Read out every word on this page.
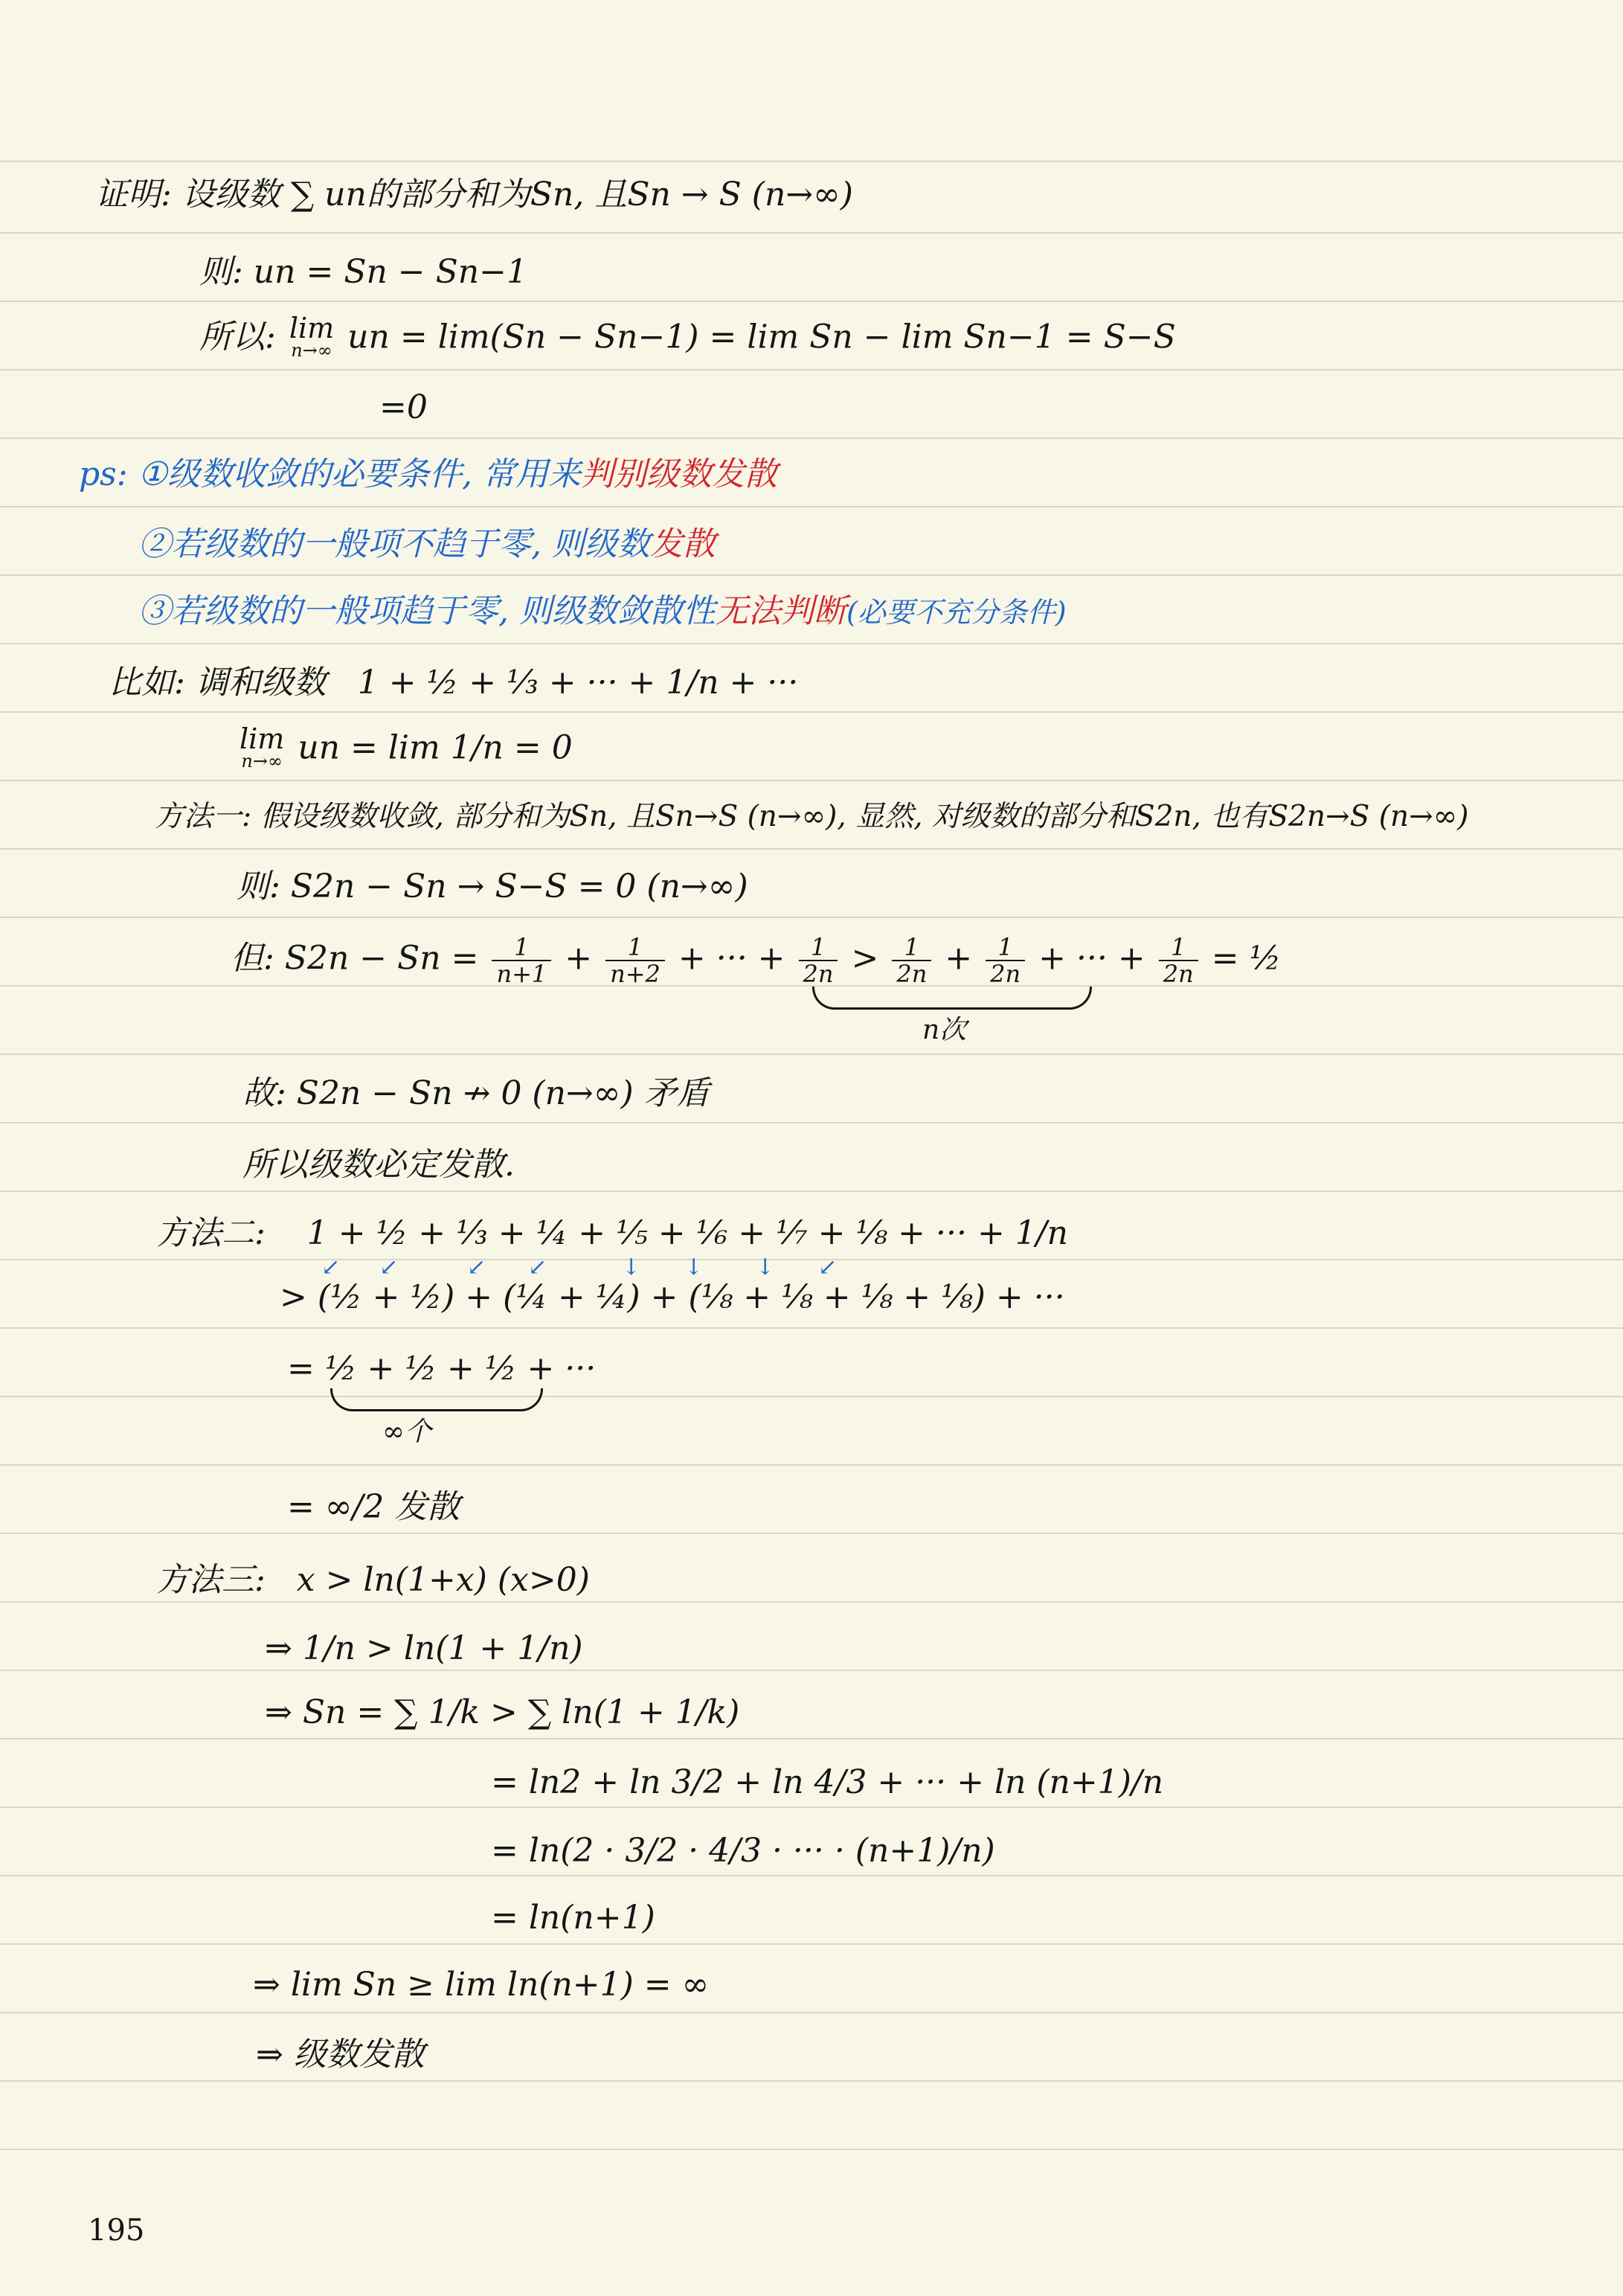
证明: 设级数 ∑ un的部分和为Sn, 且Sn → S (n→∞)
则: un = Sn − Sn−1
所以: lim
n→∞ un = lim(Sn − Sn−1) = lim Sn − lim Sn−1 = S−S
=0
ps: ①级数收敛的必要条件, 常用来判别级数发散
②若级数的一般项不趋于零, 则级数发散
③若级数的一般项趋于零, 则级数敛散性无法判断(必要不充分条件)
比如: 调和级数 1 + ½ + ⅓ + ··· + 1/n + ···
lim
n→∞ un = lim 1/n = 0
方法一: 假设级数收敛, 部分和为Sn, 且Sn→S (n→∞), 显然, 对级数的部分和S2n, 也有S2n→S (n→∞)
则: S2n − Sn → S−S = 0 (n→∞)
但: $S2n - Sn = \frac{1}{n+1} + \frac{1}{n+2}$ + ··· + $\frac{1}{2n} > \frac{1}{2n} + \frac{1}{2n}$ + ··· + $\frac{1}{2n}$ = ½
n次
故: S2n − Sn ↛ 0 (n→∞) 矛盾
所以级数必定发散.
方法二: 1 + ½ + ⅓ + ¼ + ⅕ + ⅙ + ⅐ + ⅛ + ··· + 1/n
↙ ↙	↙ ↙	↓ ↓ ↓ ↙
> (½ + ½) + (¼ + ¼) + (⅛ + ⅛ + ⅛ + ⅛) + ···
= ½ + ½ + ½ + ···
∞个
= ∞/2 发散
方法三: x > ln(1+x) (x>0)
⇒ 1/n > ln(1 + 1/n)
⇒ Sn = ∑ 1/k > ∑ ln(1 + 1/k)
= ln2 + ln 3/2 + ln 4/3 + ··· + ln (n+1)/n
= ln(2 · 3/2 · 4/3 · ··· · (n+1)/n)
= ln(n+1)
⇒ lim Sn ≥ lim ln(n+1) = ∞
⇒ 级数发散
195
